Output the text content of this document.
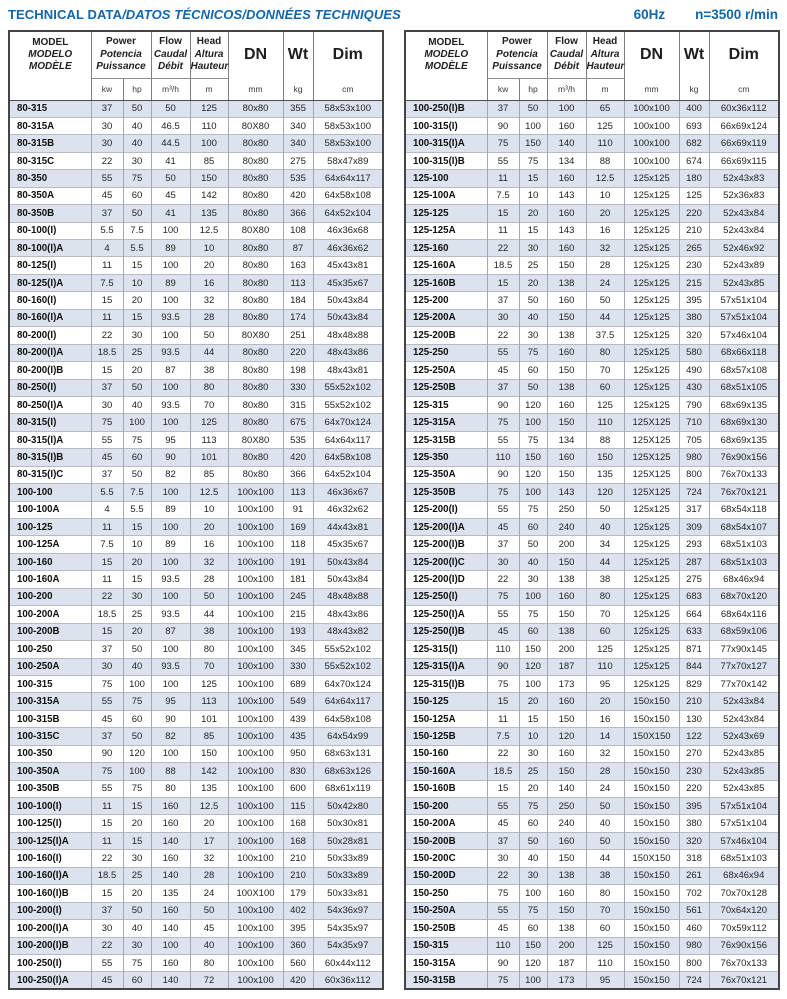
TECHNICAL DATA/DATOS TÉCNICOS/DONNÉES TECHNIQUES	60Hz n=3500 r/min
MODEL
MODELO
MODÈLE	Power
Potencia
Puissance		Flow
Caudal
Débit	Head
Altura
Hauteur	DN	Wt	Dim
	kw	hp	m³/h	m	mm	kg	cm
80-315	37	50	50	125	80x80	355	58x53x100
80-315A	30	40	46.5	110	80X80	340	58x53x100
80-315B	30	40	44.5	100	80x80	340	58x53x100
80-315C	22	30	41	85	80x80	275	58x47x89
80-350	55	75	50	150	80x80	535	64x64x117
80-350A	45	60	45	142	80x80	420	64x58x108
80-350B	37	50	41	135	80x80	366	64x52x104
80-100(I)	5.5	7.5	100	12.5	80X80	108	46x36x68
80-100(I)A	4	5.5	89	10	80x80	87	46x36x62
80-125(I)	11	15	100	20	80x80	163	45x43x81
80-125(I)A	7.5	10	89	16	80x80	113	45x35x67
80-160(I)	15	20	100	32	80x80	184	50x43x84
80-160(I)A	11	15	93.5	28	80x80	174	50x43x84
80-200(I)	22	30	100	50	80X80	251	48x48x88
80-200(I)A	18.5	25	93.5	44	80x80	220	48x43x86
80-200(I)B	15	20	87	38	80x80	198	48x43x81
80-250(I)	37	50	100	80	80x80	330	55x52x102
80-250(I)A	30	40	93.5	70	80x80	315	55x52x102
80-315(I)	75	100	100	125	80x80	675	64x70x124
80-315(I)A	55	75	95	113	80X80	535	64x64x117
80-315(I)B	45	60	90	101	80x80	420	64x58x108
80-315(I)C	37	50	82	85	80x80	366	64x52x104
100-100	5.5	7.5	100	12.5	100x100	113	46x36x67
100-100A	4	5.5	89	10	100x100	91	46x32x62
100-125	11	15	100	20	100x100	169	44x43x81
100-125A	7.5	10	89	16	100x100	118	45x35x67
100-160	15	20	100	32	100x100	191	50x43x84
100-160A	11	15	93.5	28	100x100	181	50x43x84
100-200	22	30	100	50	100x100	245	48x48x88
100-200A	18.5	25	93.5	44	100x100	215	48x43x86
100-200B	15	20	87	38	100x100	193	48x43x82
100-250	37	50	100	80	100x100	345	55x52x102
100-250A	30	40	93.5	70	100x100	330	55x52x102
100-315	75	100	100	125	100x100	689	64x70x124
100-315A	55	75	95	113	100x100	549	64x64x117
100-315B	45	60	90	101	100x100	439	64x58x108
100-315C	37	50	82	85	100x100	435	64x54x99
100-350	90	120	100	150	100x100	950	68x63x131
100-350A	75	100	88	142	100x100	830	68x63x126
100-350B	55	75	80	135	100x100	600	68x61x119
100-100(I)	11	15	160	12.5	100x100	115	50x42x80
100-125(I)	15	20	160	20	100x100	168	50x30x81
100-125(I)A	11	15	140	17	100x100	168	50x28x81
100-160(I)	22	30	160	32	100x100	210	50x33x89
100-160(I)A	18.5	25	140	28	100x100	210	50x33x89
100-160(I)B	15	20	135	24	100X100	179	50x33x81
100-200(I)	37	50	160	50	100x100	402	54x36x97
100-200(I)A	30	40	140	45	100x100	395	54x35x97
100-200(I)B	22	30	100	40	100x100	360	54x35x97
100-250(I)	55	75	160	80	100x100	560	60x44x112
100-250(I)A	45	60	140	72	100x100	420	60x36x112
MODEL
MODELO
MODÈLE	Power
Potencia
Puissance		Flow
Caudal
Débit	Head
Altura
Hauteur	DN	Wt	Dim
	kw	hp	m³/h	m	mm	kg	cm
100-250(I)B	37	50	100	65	100x100	400	60x36x112
100-315(I)	90	100	160	125	100x100	693	66x69x124
100-315(I)A	75	150	140	110	100x100	682	66x69x119
100-315(I)B	55	75	134	88	100x100	674	66x69x115
125-100	11	15	160	12.5	125x125	180	52x43x83
125-100A	7.5	10	143	10	125x125	125	52x36x83
125-125	15	20	160	20	125x125	220	52x43x84
125-125A	11	15	143	16	125x125	210	52x43x84
125-160	22	30	160	32	125x125	265	52x46x92
125-160A	18.5	25	150	28	125x125	230	52x43x89
125-160B	15	20	138	24	125x125	215	52x43x85
125-200	37	50	160	50	125x125	395	57x51x104
125-200A	30	40	150	44	125x125	380	57x51x104
125-200B	22	30	138	37.5	125x125	320	57x46x104
125-250	55	75	160	80	125x125	580	68x66x118
125-250A	45	60	150	70	125x125	490	68x57x108
125-250B	37	50	138	60	125x125	430	68x51x105
125-315	90	120	160	125	125x125	790	68x69x135
125-315A	75	100	150	110	125X125	710	68x69x130
125-315B	55	75	134	88	125X125	705	68x69x135
125-350	110	150	160	150	125X125	980	76x90x156
125-350A	90	120	150	135	125X125	800	76x70x133
125-350B	75	100	143	120	125X125	724	76x70x121
125-200(I)	55	75	250	50	125x125	317	68x54x118
125-200(I)A	45	60	240	40	125x125	309	68x54x107
125-200(I)B	37	50	200	34	125x125	293	68x51x103
125-200(I)C	30	40	150	44	125x125	287	68x51x103
125-200(I)D	22	30	138	38	125x125	275	68x46x94
125-250(I)	75	100	160	80	125x125	683	68x70x120
125-250(I)A	55	75	150	70	125x125	664	68x64x116
125-250(I)B	45	60	138	60	125x125	633	68x59x106
125-315(I)	110	150	200	125	125x125	871	77x90x145
125-315(I)A	90	120	187	110	125x125	844	77x70x127
125-315(I)B	75	100	173	95	125x125	829	77x70x142
150-125	15	20	160	20	150x150	210	52x43x84
150-125A	11	15	150	16	150x150	130	52x43x84
150-125B	7.5	10	120	14	150X150	122	52x43x69
150-160	22	30	160	32	150x150	270	52x43x85
150-160A	18.5	25	150	28	150x150	230	52x43x85
150-160B	15	20	140	24	150x150	220	52x43x85
150-200	55	75	250	50	150x150	395	57x51x104
150-200A	45	60	240	40	150x150	380	57x51x104
150-200B	37	50	160	50	150x150	320	57x46x104
150-200C	30	40	150	44	150X150	318	68x51x103
150-200D	22	30	138	38	150x150	261	68x46x94
150-250	75	100	160	80	150x150	702	70x70x128
150-250A	55	75	150	70	150x150	561	70x64x120
150-250B	45	60	138	60	150x150	460	70x59x112
150-315	110	150	200	125	150x150	980	76x90x156
150-315A	90	120	187	110	150x150	800	76x70x133
150-315B	75	100	173	95	150x150	724	76x70x121
